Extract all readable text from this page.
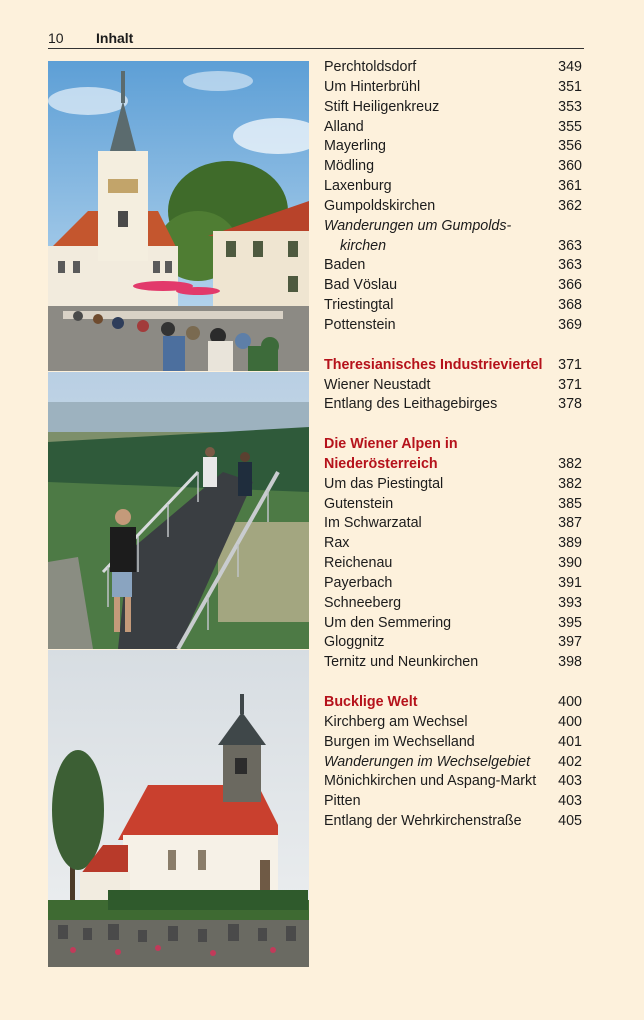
10 Inhalt
Perchtoldsdorf	349
Um Hinterbrühl	351
Stift Heiligenkreuz	353
Alland	355
Mayerling	356
Mödling	360
Laxenburg	361
Gumpoldskirchen	362
Wanderungen um Gumpolds-
kirchen	363
Baden	363
Bad Vöslau	366
Triestingtal	368
Pottenstein	369
Theresianisches Industrieviertel	371
Wiener Neustadt	371
Entlang des Leithagebirges	378
Die Wiener Alpen in
Niederösterreich	382
Um das Piestingtal	382
Gutenstein	385
Im Schwarzatal	387
Rax	389
Reichenau	390
Payerbach	391
Schneeberg	393
Um den Semmering	395
Gloggnitz	397
Ternitz und Neunkirchen	398
Bucklige Welt	400
Kirchberg am Wechsel	400
Burgen im Wechselland	401
Wanderungen im Wechselgebiet	402
Mönichkirchen und Aspang-Markt	403
Pitten	403
Entlang der Wehrkirchenstraße	405
